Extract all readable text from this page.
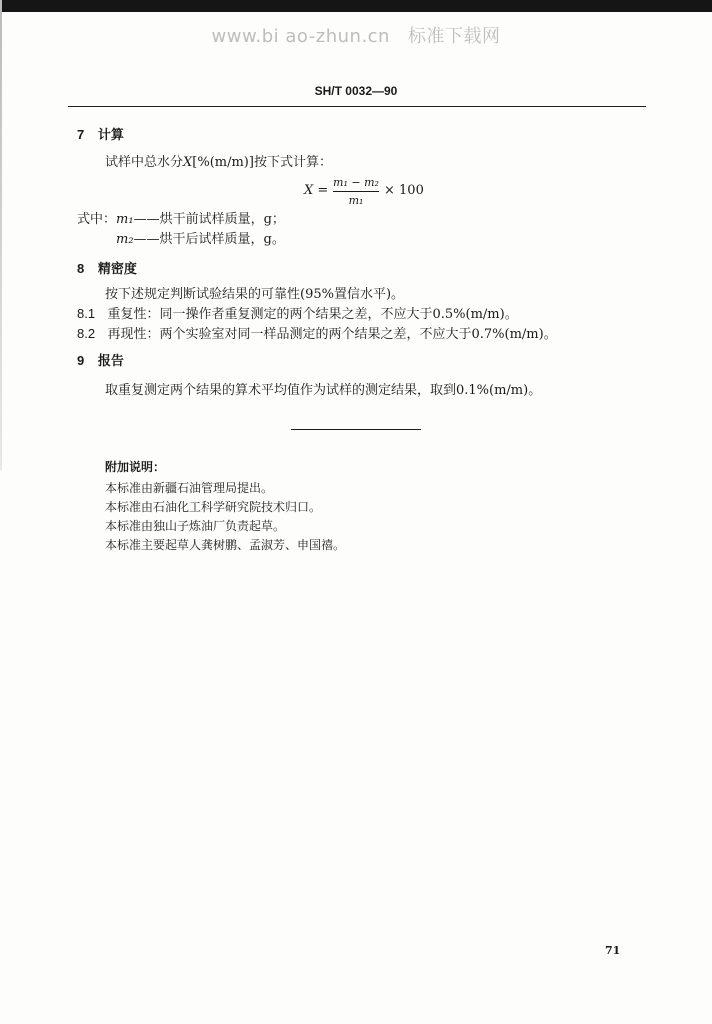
www.bi ao-zhun.cn 标准下载网
SH/T 0032—90
7 计算
试样中总水分X[%(m/m)]按下式计算：
X =
m₁ − m₂
m₁
× 100
式中：m₁——烘干前试样质量，g；
m₂——烘干后试样质量，g。
8 精密度
按下述规定判断试验结果的可靠性(95%置信水平)。
8.1 重复性：同一操作者重复测定的两个结果之差，不应大于0.5%(m/m)。
8.2 再现性：两个实验室对同一样品测定的两个结果之差，不应大于0.7%(m/m)。
9 报告
取重复测定两个结果的算术平均值作为试样的测定结果，取到0.1%(m/m)。
附加说明：
本标准由新疆石油管理局提出。
本标准由石油化工科学研究院技术归口。
本标准由独山子炼油厂负责起草。
本标准主要起草人龚树鹏、孟淑芳、申国禧。
71
